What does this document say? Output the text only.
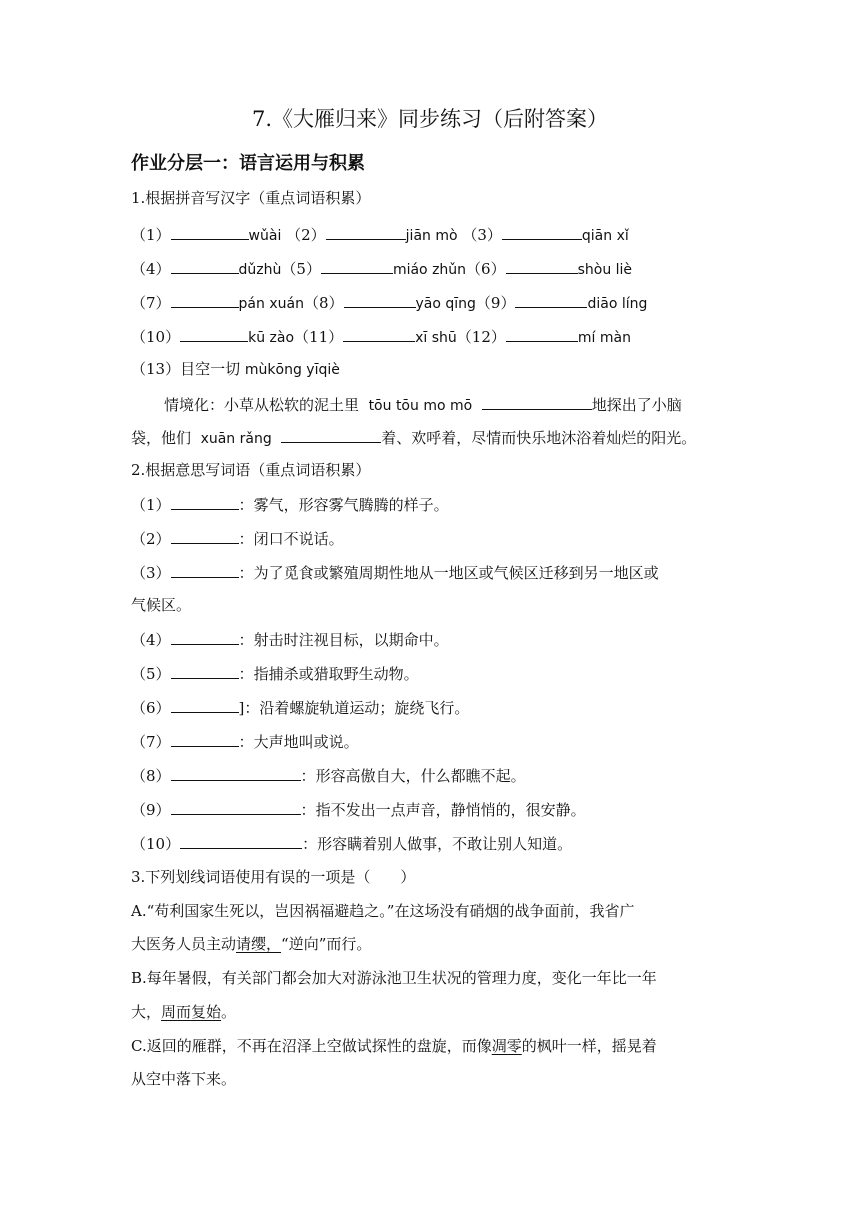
7.《大雁归来》同步练习（后附答案）
作业分层一：语言运用与积累
1.根据拼音写汉字（重点词语积累）
（1）	wǔài （2）	jiān mò （3）	qiān xǐ
（4）	dǔzhù（5）	miáo zhǔn（6）	shòu liè
（7）	pán xuán（8）	yāo qīng（9）	diāo líng
（10）	kū zào（11）	xī shū（12）	mí màn
（13）目空一切 mùkōng yīqiè
情境化：小草从松软的泥土里 tōu tōu mo mō	地探出了小脑
袋，他们 xuān rǎng	着、欢呼着，尽情而快乐地沐浴着灿烂的阳光。
2.根据意思写词语（重点词语积累）
（1）	：雾气，形容雾气腾腾的样子。
（2）	：闭口不说话。
（3）	：为了觅食或繁殖周期性地从一地区或气候区迁移到另一地区或
气候区。
（4）	：射击时注视目标，以期命中。
（5）	：指捕杀或猎取野生动物。
（6）	]：沿着螺旋轨道运动；旋绕飞行。
（7）	：大声地叫或说。
（8）	：形容高傲自大，什么都瞧不起。
（9）	：指不发出一点声音，静悄悄的，很安静。
（10）	：形容瞒着别人做事，不敢让别人知道。
3.下列划线词语使用有误的一项是（　　）
A.“苟利国家生死以，岂因祸福避趋之。”在这场没有硝烟的战争面前，我省广
大医务人员主动请缨，“逆向”而行。
B.每年暑假，有关部门都会加大对游泳池卫生状况的管理力度，变化一年比一年
大，周而复始。
C.返回的雁群，不再在沼泽上空做试探性的盘旋，而像凋零的枫叶一样，摇晃着
从空中落下来。
